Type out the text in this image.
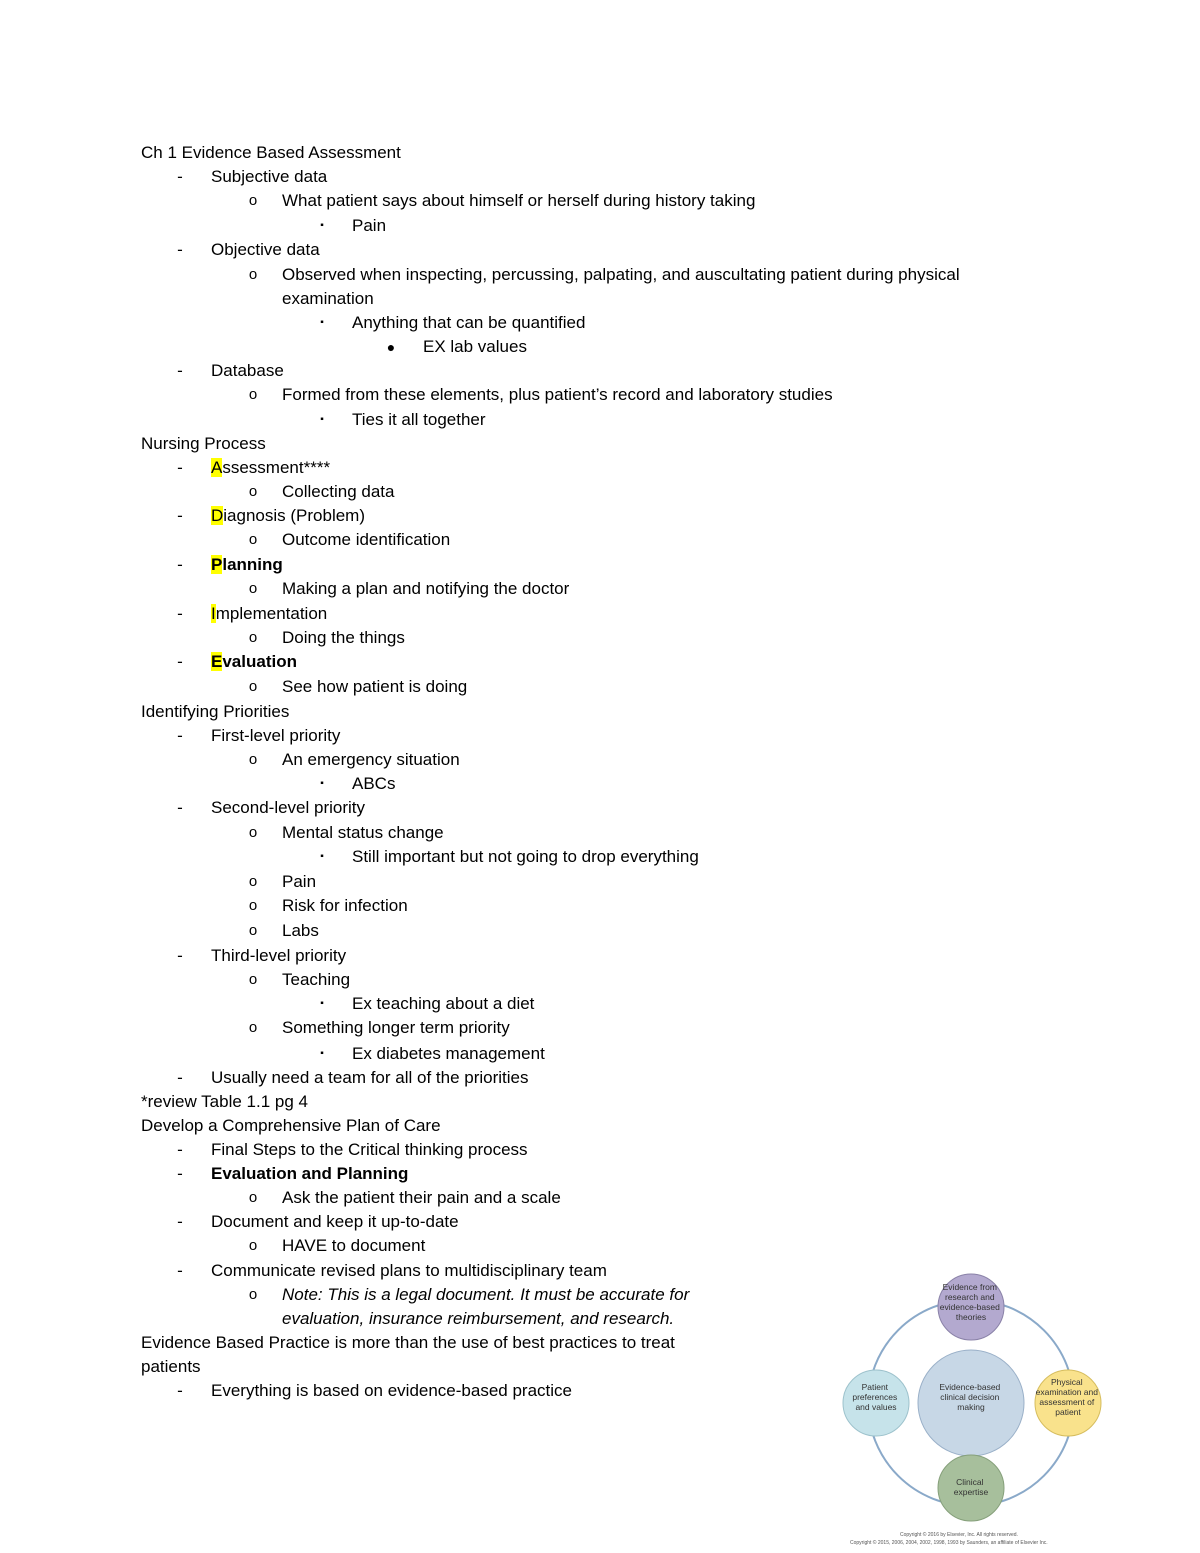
Ch 1 Evidence Based Assessment
-	Subjective data
o	What patient says about himself or herself during history taking
▪	Pain
-	Objective data
o	Observed when inspecting, percussing, palpating, and auscultating patient during physical
examination
▪	Anything that can be quantified
●	EX lab values
-	Database
o	Formed from these elements, plus patient’s record and laboratory studies
▪	Ties it all together
Nursing Process
-	Assessment****
o	Collecting data
-	Diagnosis (Problem)
o	Outcome identification
-	Planning
o	Making a plan and notifying the doctor
-	Implementation
o	Doing the things
-	Evaluation
o	See how patient is doing
Identifying Priorities
-	First-level priority
o	An emergency situation
▪	ABCs
-	Second-level priority
o	Mental status change
▪	Still important but not going to drop everything
o	Pain
o	Risk for infection
o	Labs
-	Third-level priority
o	Teaching
▪	Ex teaching about a diet
o	Something longer term priority
▪	Ex diabetes management
-	Usually need a team for all of the priorities
*review Table 1.1 pg 4
Develop a Comprehensive Plan of Care
-	Final Steps to the Critical thinking process
-	Evaluation and Planning
o	Ask the patient their pain and a scale
-	Document and keep it up-to-date
o	HAVE to document
-	Communicate revised plans to multidisciplinary team
o	Note: This is a legal document. It must be accurate for
evaluation, insurance reimbursement, and research.
Evidence Based Practice is more than the use of best practices to treat
patients
-	Everything is based on evidence-based practice
Evidence from research and evidence-based theories
Evidence-based clinical decision making
Patient preferences and values
Physical examination and assessment of patient
Clinical expertise
Copyright © 2016 by Elsevier, Inc. All rights reserved.
Copyright © 2015, 2006, 2004, 2002, 1998, 1993 by Saunders, an affiliate of Elsevier Inc.
